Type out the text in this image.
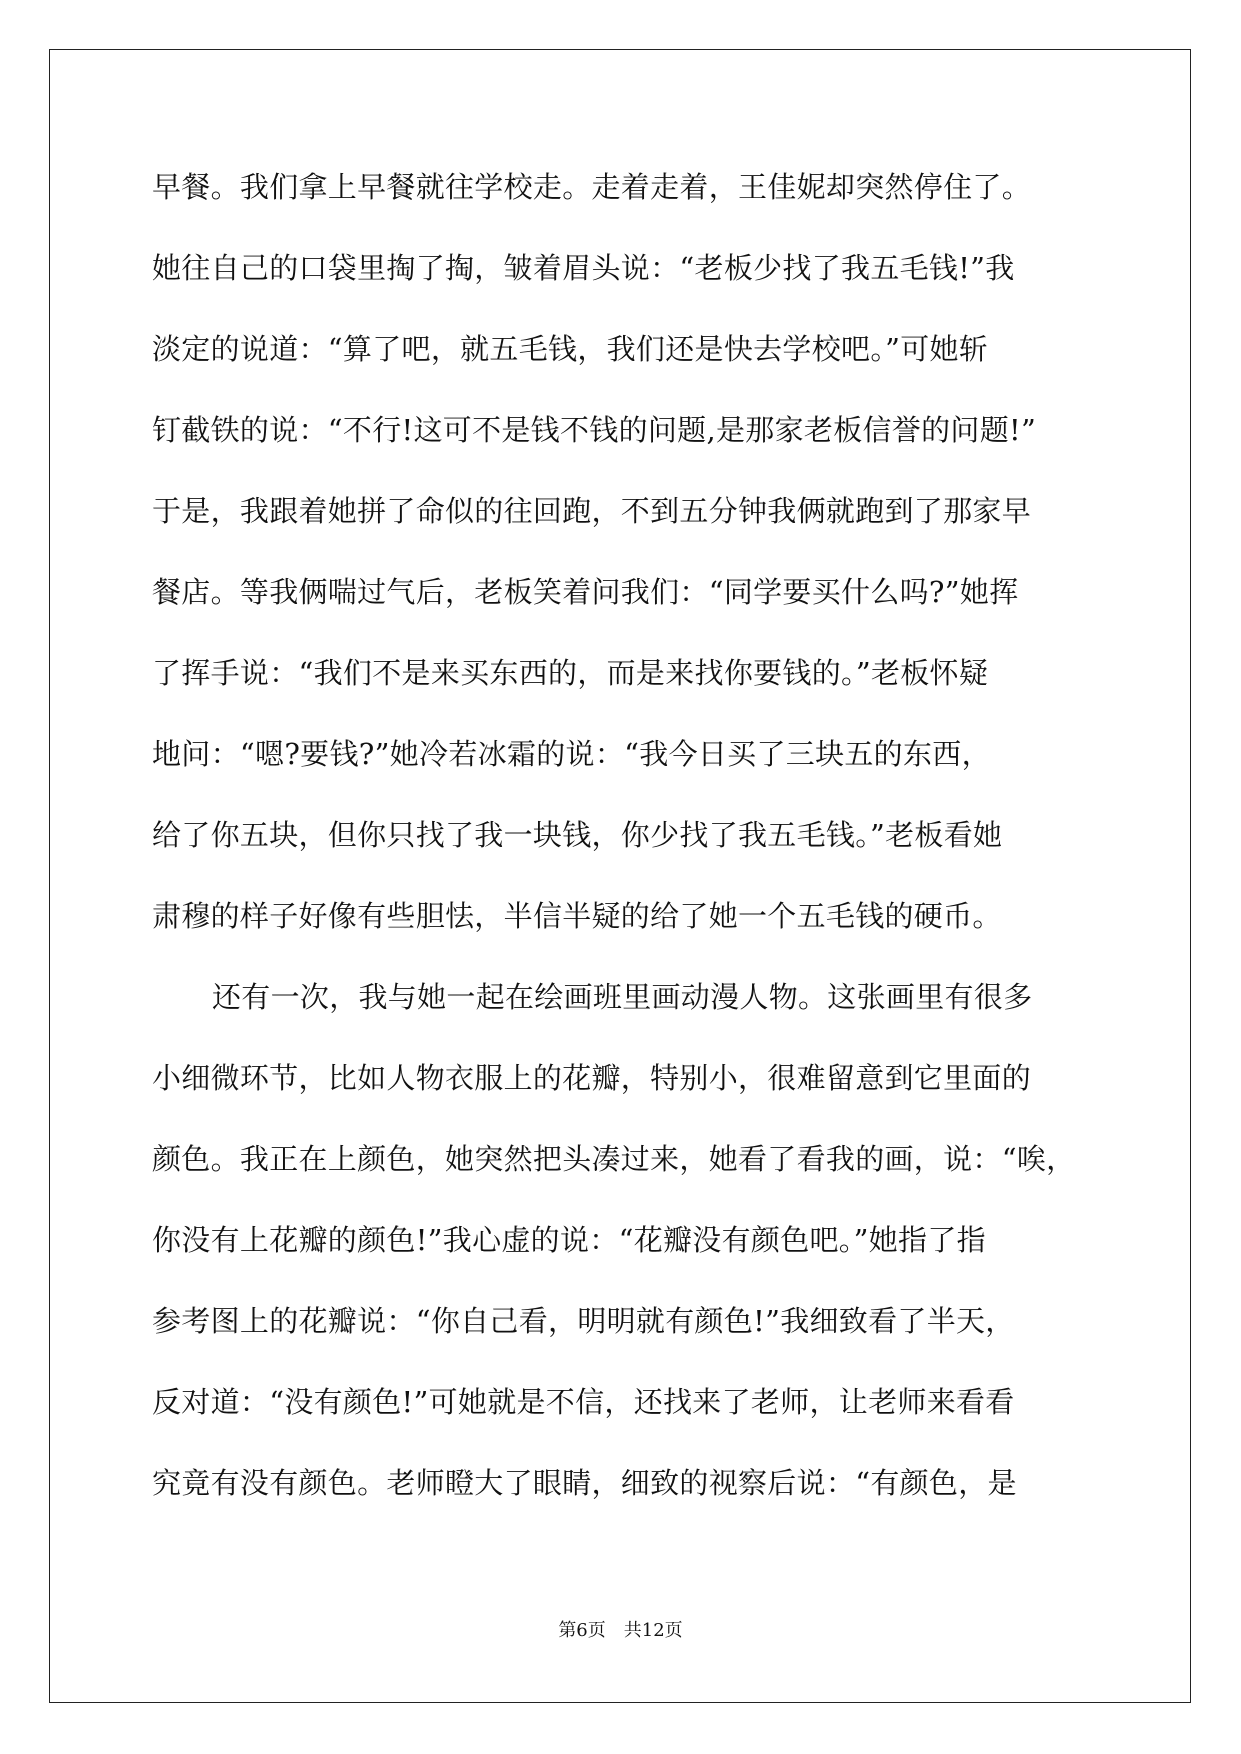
早餐。我们拿上早餐就往学校走。走着走着，王佳妮却突然停住了。
她往自己的口袋里掏了掏，皱着眉头说：“老板少找了我五毛钱!”我
淡定的说道：“算了吧，就五毛钱，我们还是快去学校吧。”可她斩
钉截铁的说：“不行!这可不是钱不钱的问题,是那家老板信誉的问题!”
于是，我跟着她拼了命似的往回跑，不到五分钟我俩就跑到了那家早
餐店。等我俩喘过气后，老板笑着问我们：“同学要买什么吗?”她挥
了挥手说：“我们不是来买东西的，而是来找你要钱的。”老板怀疑
地问：“嗯?要钱?”她冷若冰霜的说：“我今日买了三块五的东西，
给了你五块，但你只找了我一块钱，你少找了我五毛钱。”老板看她
肃穆的样子好像有些胆怯，半信半疑的给了她一个五毛钱的硬币。
还有一次，我与她一起在绘画班里画动漫人物。这张画里有很多
小细微环节，比如人物衣服上的花瓣，特别小，很难留意到它里面的
颜色。我正在上颜色，她突然把头凑过来，她看了看我的画，说：“唉，
你没有上花瓣的颜色!”我心虚的说：“花瓣没有颜色吧。”她指了指
参考图上的花瓣说：“你自己看，明明就有颜色!”我细致看了半天，
反对道：“没有颜色!”可她就是不信，还找来了老师，让老师来看看
究竟有没有颜色。老师瞪大了眼睛，细致的视察后说：“有颜色，是
第6页　共12页
